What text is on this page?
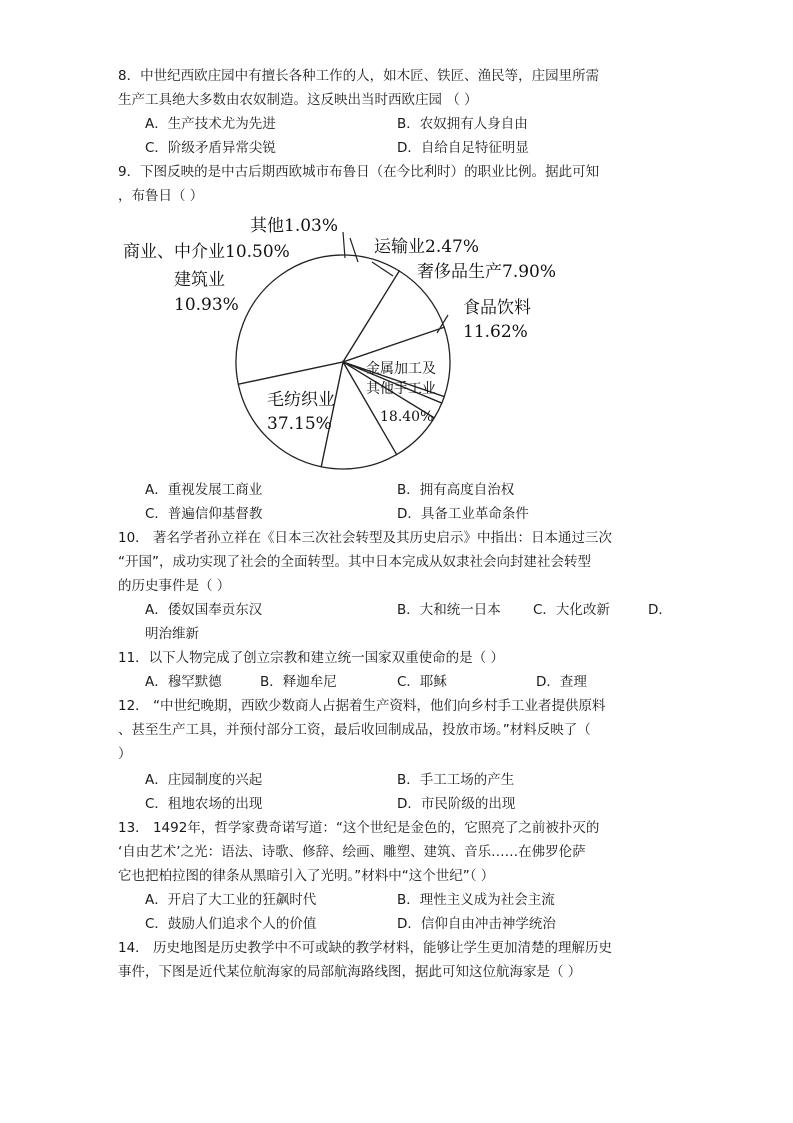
8．中世纪西欧庄园中有擅长各种工作的人，如木匠、铁匠、渔民等，庄园里所需
生产工具绝大多数由农奴制造。这反映出当时西欧庄园 （ ）
A．生产技术尤为先进	B．农奴拥有人身自由
C．阶级矛盾异常尖锐	D．自给自足特征明显
9．下图反映的是中古后期西欧城市布鲁日（在今比利时）的职业比例。据此可知
，布鲁日（ ）
其他1.03%
商业、中介业10.50%
建筑业
10.93%
运输业2.47%
奢侈品生产7.90%
食品饮料
11.62%
金属加工及
其他手工业
18.40%
毛纺织业
37.15%
A．重视发展工商业	B．拥有高度自治权
C．普遍信仰基督教	D．具备工业革命条件
10． 著名学者孙立祥在《日本三次社会转型及其历史启示》中指出：日本通过三次
“开国”，成功实现了社会的全面转型。其中日本完成从奴隶社会向封建社会转型
的历史事件是（ ）
A．倭奴国奉贡东汉	B．大和统一日本 C．大化改新	D．
明治维新
11．以下人物完成了创立宗教和建立统一国家双重使命的是（ ）
A．穆罕默德	B．释迦牟尼	C．耶稣	D．查理
12． “中世纪晚期，西欧少数商人占据着生产资料，他们向乡村手工业者提供原料
、甚至生产工具，并预付部分工资，最后收回制成品，投放市场。”材料反映了（
）
A．庄园制度的兴起	B．手工工场的产生
C．租地农场的出现	D．市民阶级的出现
13． 1492年，哲学家费奇诺写道：“这个世纪是金色的，它照亮了之前被扑灭的
‘自由艺术’之光：语法、诗歌、修辞、绘画、雕塑、建筑、音乐……在佛罗伦萨
它也把柏拉图的律条从黑暗引入了光明。”材料中“这个世纪”（ ）
A．开启了大工业的狂飙时代	B．理性主义成为社会主流
C．鼓励人们追求个人的价值	D．信仰自由冲击神学统治
14． 历史地图是历史教学中不可或缺的教学材料，能够让学生更加清楚的理解历史
事件，下图是近代某位航海家的局部航海路线图，据此可知这位航海家是（ ）
